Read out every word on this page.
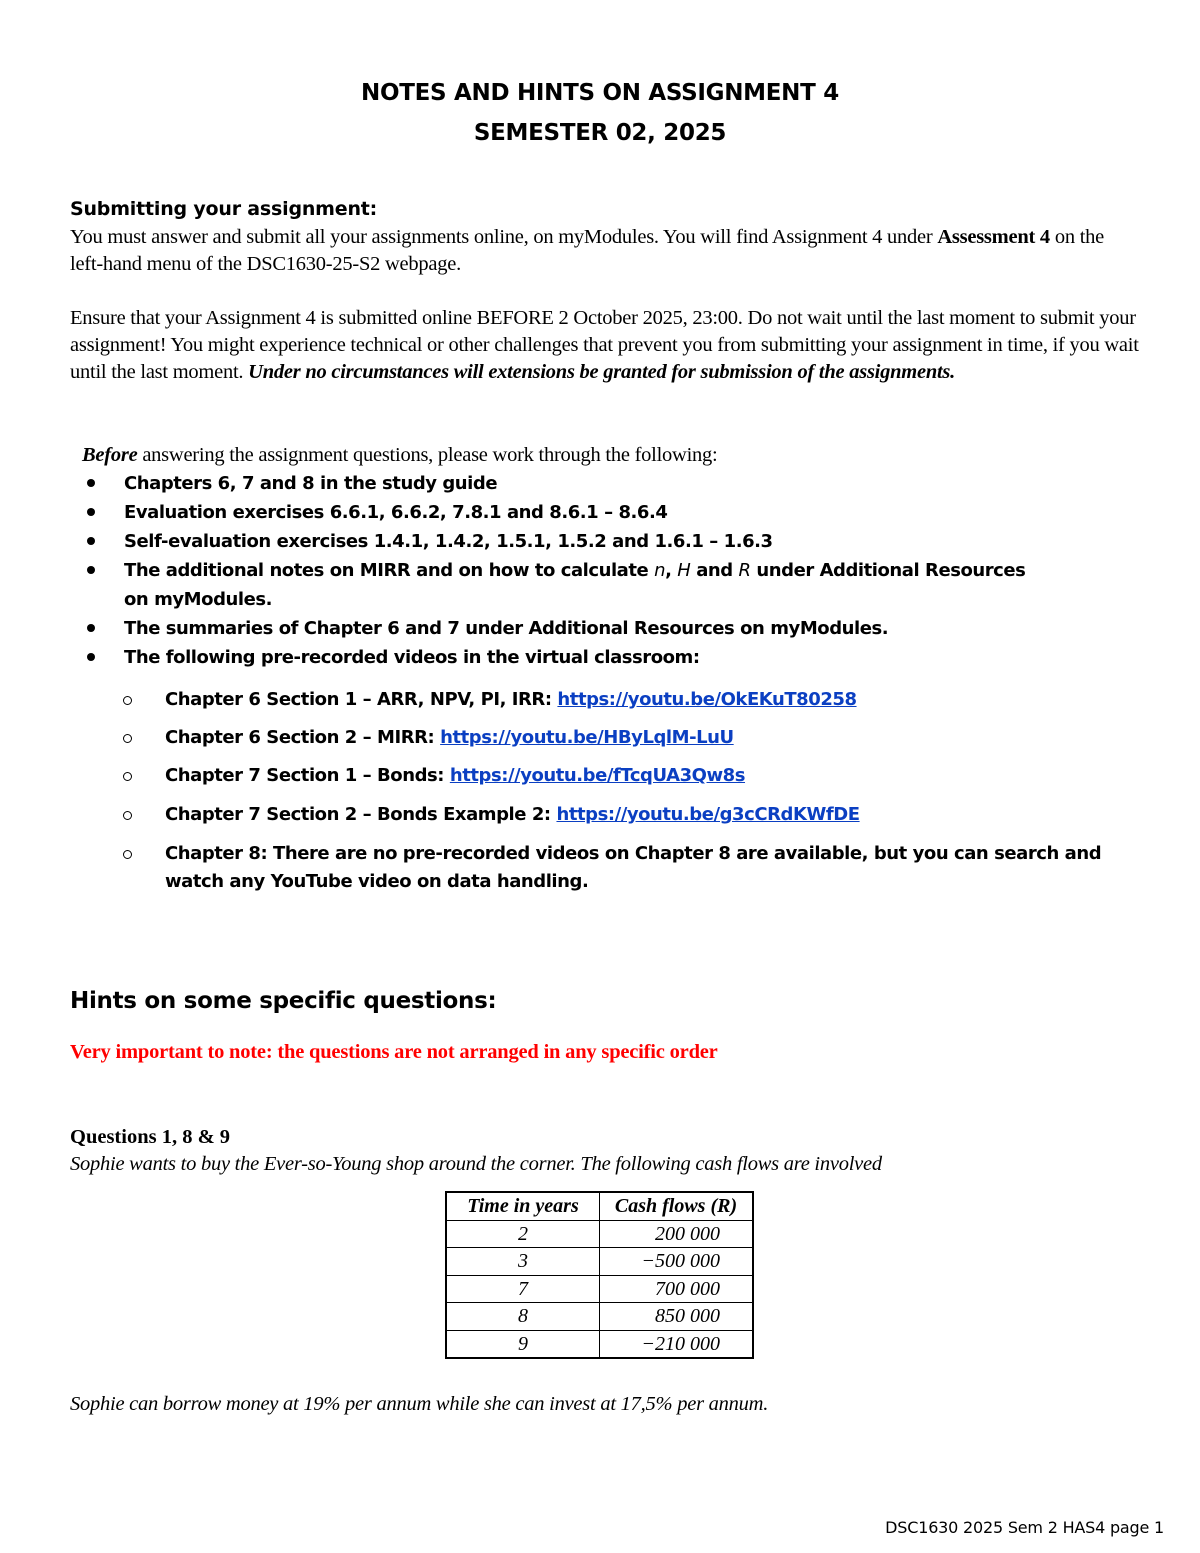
NOTES AND HINTS ON ASSIGNMENT 4
SEMESTER 02, 2025
Submitting your assignment:
You must answer and submit all your assignments online, on myModules. You will find Assignment 4 under Assessment 4 on the left-hand menu of the DSC1630-25-S2 webpage.
Ensure that your Assignment 4 is submitted online BEFORE 2 October 2025, 23:00. Do not wait until the last moment to submit your assignment! You might experience technical or other challenges that prevent you from submitting your assignment in time, if you wait until the last moment. Under no circumstances will extensions be granted for submission of the assignments.
Before answering the assignment questions, please work through the following:
Chapters 6, 7 and 8 in the study guide
Evaluation exercises 6.6.1, 6.6.2, 7.8.1 and 8.6.1 – 8.6.4
Self-evaluation exercises 1.4.1, 1.4.2, 1.5.1, 1.5.2 and 1.6.1 – 1.6.3
The additional notes on MIRR and on how to calculate n, H and R under Additional Resources
on myModules.
The summaries of Chapter 6 and 7 under Additional Resources on myModules.
The following pre-recorded videos in the virtual classroom:
Chapter 6 Section 1 – ARR, NPV, PI, IRR: https://youtu.be/OkEKuT80258
Chapter 6 Section 2 – MIRR: https://youtu.be/HByLqlM-LuU
Chapter 7 Section 1 – Bonds: https://youtu.be/fTcqUA3Qw8s
Chapter 7 Section 2 – Bonds Example 2: https://youtu.be/g3cCRdKWfDE
Chapter 8: There are no pre-recorded videos on Chapter 8 are available, but you can search and
watch any YouTube video on data handling.
Hints on some specific questions:
Very important to note: the questions are not arranged in any specific order
Questions 1, 8 & 9
Sophie wants to buy the Ever-so-Young shop around the corner. The following cash flows are involved
Time in years	Cash flows (R)
2	200 000
3	−500 000
7	700 000
8	850 000
9	−210 000
Sophie can borrow money at 19% per annum while she can invest at 17,5% per annum.
DSC1630 2025 Sem 2 HAS4 page 1
